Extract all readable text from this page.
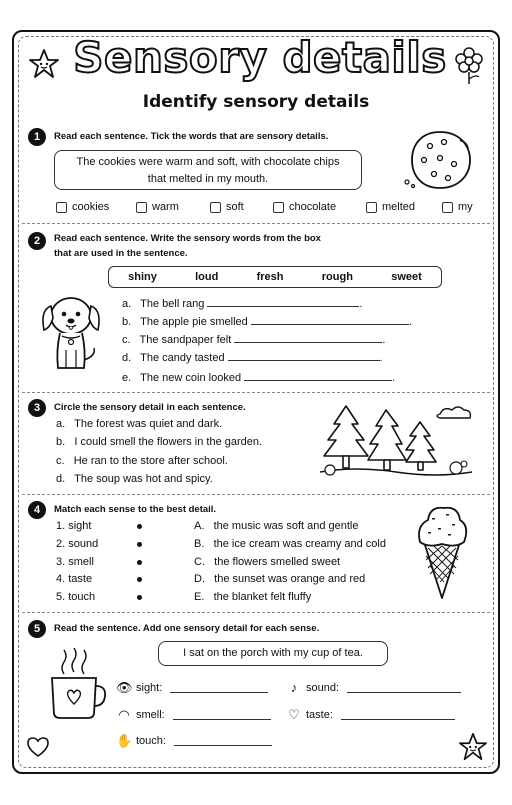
Sensory details
Identify sensory details
1	Read each sentence. Tick the words that are sensory details.
The cookies were warm and soft, with chocolate chips
that melted in my mouth.
cookies	warm	soft	chocolate	melted	my
2	Read each sentence. Write the sensory words from the box
that are used in the sentence.
shiny	loud	fresh	rough	sweet
a. The bell rang	.
b. The apple pie smelled	.
c. The sandpaper felt	.
d. The candy tasted	.
e. The new coin looked	.
3	Circle the sensory detail in each sentence.
a. The forest was quiet and dark.
b. I could smell the flowers in the garden.
c. He ran to the store after school.
d. The soup was hot and spicy.
4	Match each sense to the best detail.
1. sight
2. sound
3. smell
4. taste
5. touch
A. the music was soft and gentle
B. the ice cream was creamy and cold
C. the flowers smelled sweet
D. the sunset was orange and red
E. the blanket felt fluffy
5	Read the sentence. Add one sensory detail for each sense.
I sat on the porch with my cup of tea.
👁 sight:	♪ sound:
◠ smell:	♡ taste:
✋ touch:
